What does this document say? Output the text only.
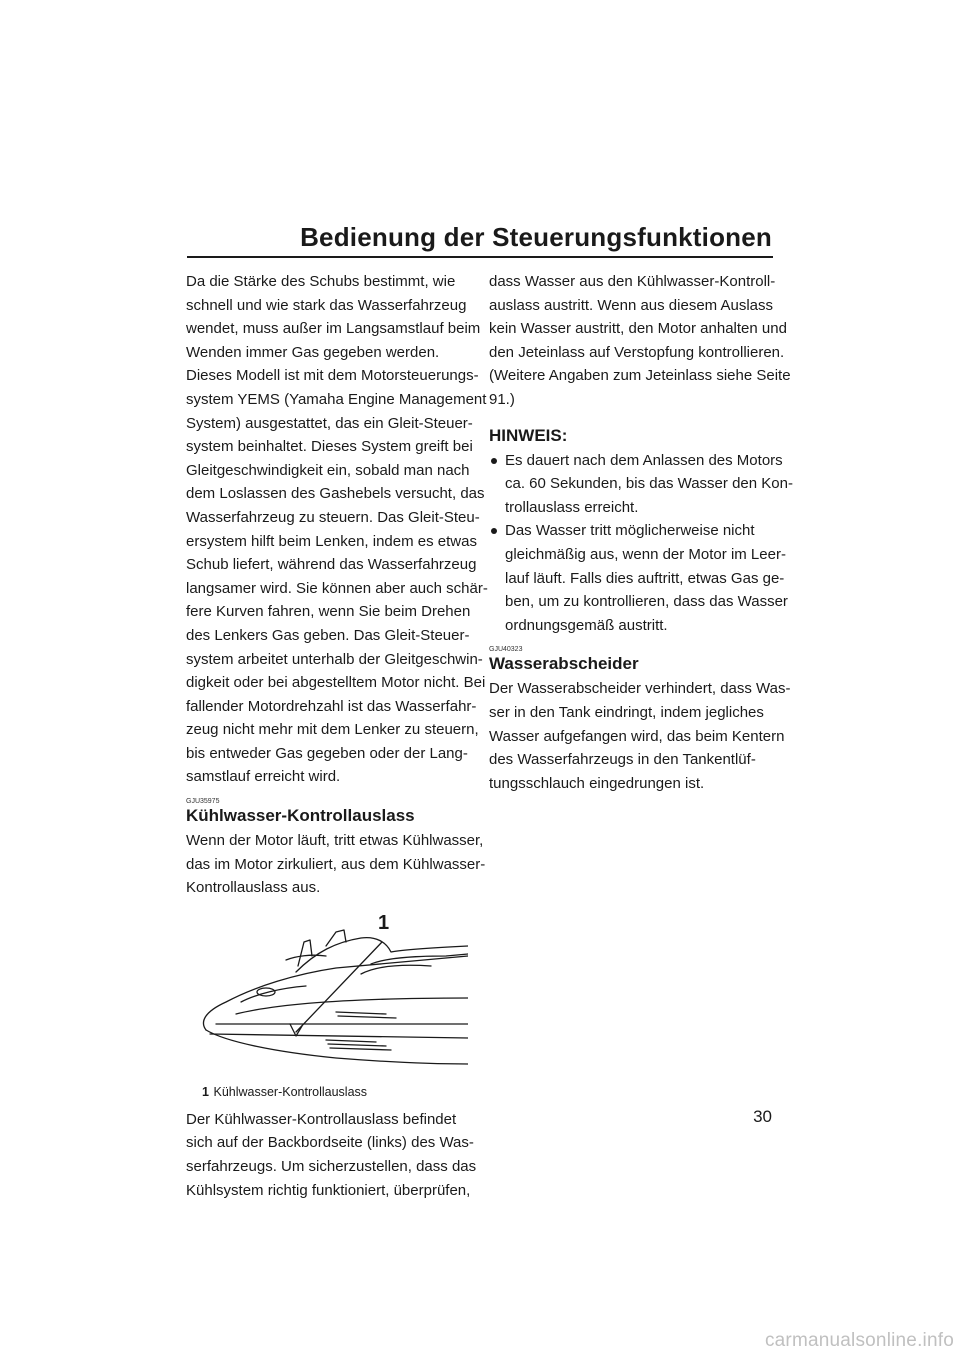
Bedienung der Steuerungsfunktionen

Da die Stärke des Schubs bestimmt, wie
schnell und wie stark das Wasserfahrzeug
wendet, muss außer im Langsamstlauf beim
Wenden immer Gas gegeben werden.
Dieses Modell ist mit dem Motorsteuerungs-
system YEMS (Yamaha Engine Management
System) ausgestattet, das ein Gleit-Steuer-
system beinhaltet. Dieses System greift bei
Gleitgeschwindigkeit ein, sobald man nach
dem Loslassen des Gashebels versucht, das
Wasserfahrzeug zu steuern. Das Gleit-Steu-
ersystem hilft beim Lenken, indem es etwas
Schub liefert, während das Wasserfahrzeug
langsamer wird. Sie können aber auch schär-
fere Kurven fahren, wenn Sie beim Drehen
des Lenkers Gas geben. Das Gleit-Steuer-
system arbeitet unterhalb der Gleitgeschwin-
digkeit oder bei abgestelltem Motor nicht. Bei
fallender Motordrehzahl ist das Wasserfahr-
zeug nicht mehr mit dem Lenker zu steuern,
bis entweder Gas gegeben oder der Lang-
samstlauf erreicht wird.

GJU35975
Kühlwasser-Kontrollauslass

Wenn der Motor läuft, tritt etwas Kühlwasser,
das im Motor zirkuliert, aus dem Kühlwasser-
Kontrollauslass aus.

1
1 Kühlwasser-Kontrollauslass

Der Kühlwasser-Kontrollauslass befindet
sich auf der Backbordseite (links) des Was-
serfahrzeugs. Um sicherzustellen, dass das
Kühlsystem richtig funktioniert, überprüfen,

dass Wasser aus den Kühlwasser-Kontroll-
auslass austritt. Wenn aus diesem Auslass
kein Wasser austritt, den Motor anhalten und
den Jeteinlass auf Verstopfung kontrollieren.
(Weitere Angaben zum Jeteinlass siehe Seite
91.)

HINWEIS:
Es dauert nach dem Anlassen des Motors
ca. 60 Sekunden, bis das Wasser den Kon-
trollauslass erreicht.
Das Wasser tritt möglicherweise nicht
gleichmäßig aus, wenn der Motor im Leer-
lauf läuft. Falls dies auftritt, etwas Gas ge-
ben, um zu kontrollieren, dass das Wasser
ordnungsgemäß austritt.
GJU40323
Wasserabscheider

Der Wasserabscheider verhindert, dass Was-
ser in den Tank eindringt, indem jegliches
Wasser aufgefangen wird, das beim Kentern
des Wasserfahrzeugs in den Tankentlüf-
tungsschlauch eingedrungen ist.

30
carmanualsonline.info
